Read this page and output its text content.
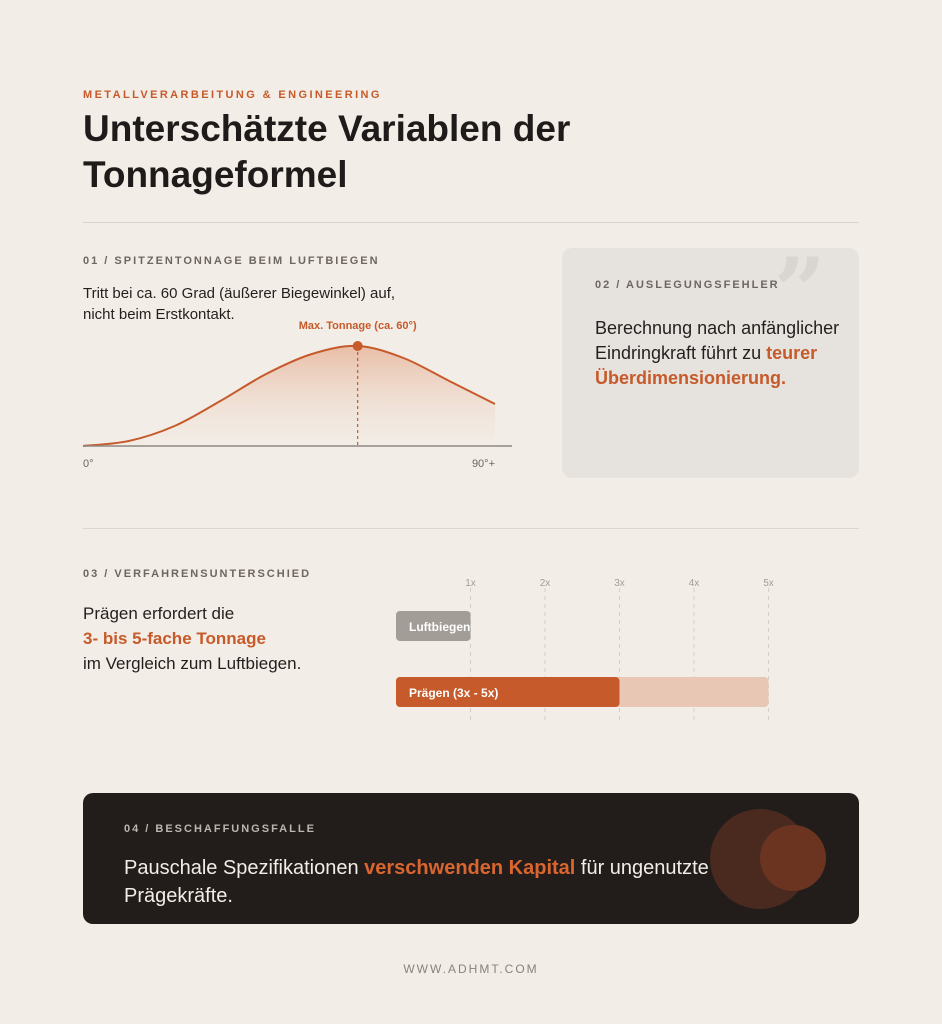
METALLVERARBEITUNG & ENGINEERING
Unterschätzte Variablen der Tonnageformel
01 / SPITZENTONNAGE BEIM LUFTBIEGEN
Tritt bei ca. 60 Grad (äußerer Biegewinkel) auf, nicht beim Erstkontakt.
Max. Tonnage (ca. 60°)
0°	90°+
”
02 / AUSLEGUNGSFEHLER
Berechnung nach anfänglicher Eindringkraft führt zu teurer Überdimensionierung.
03 / VERFAHRENSUNTERSCHIED
Prägen erfordert die
3- bis 5-fache Tonnage
im Vergleich zum Luftbiegen.
1x	2x	3x	4x	5x
Luftbiegen
Prägen (3x - 5x)
04 / BESCHAFFUNGSFALLE
Pauschale Spezifikationen verschwenden Kapital für ungenutzte Prägekräfte.
WWW.ADHMT.COM
